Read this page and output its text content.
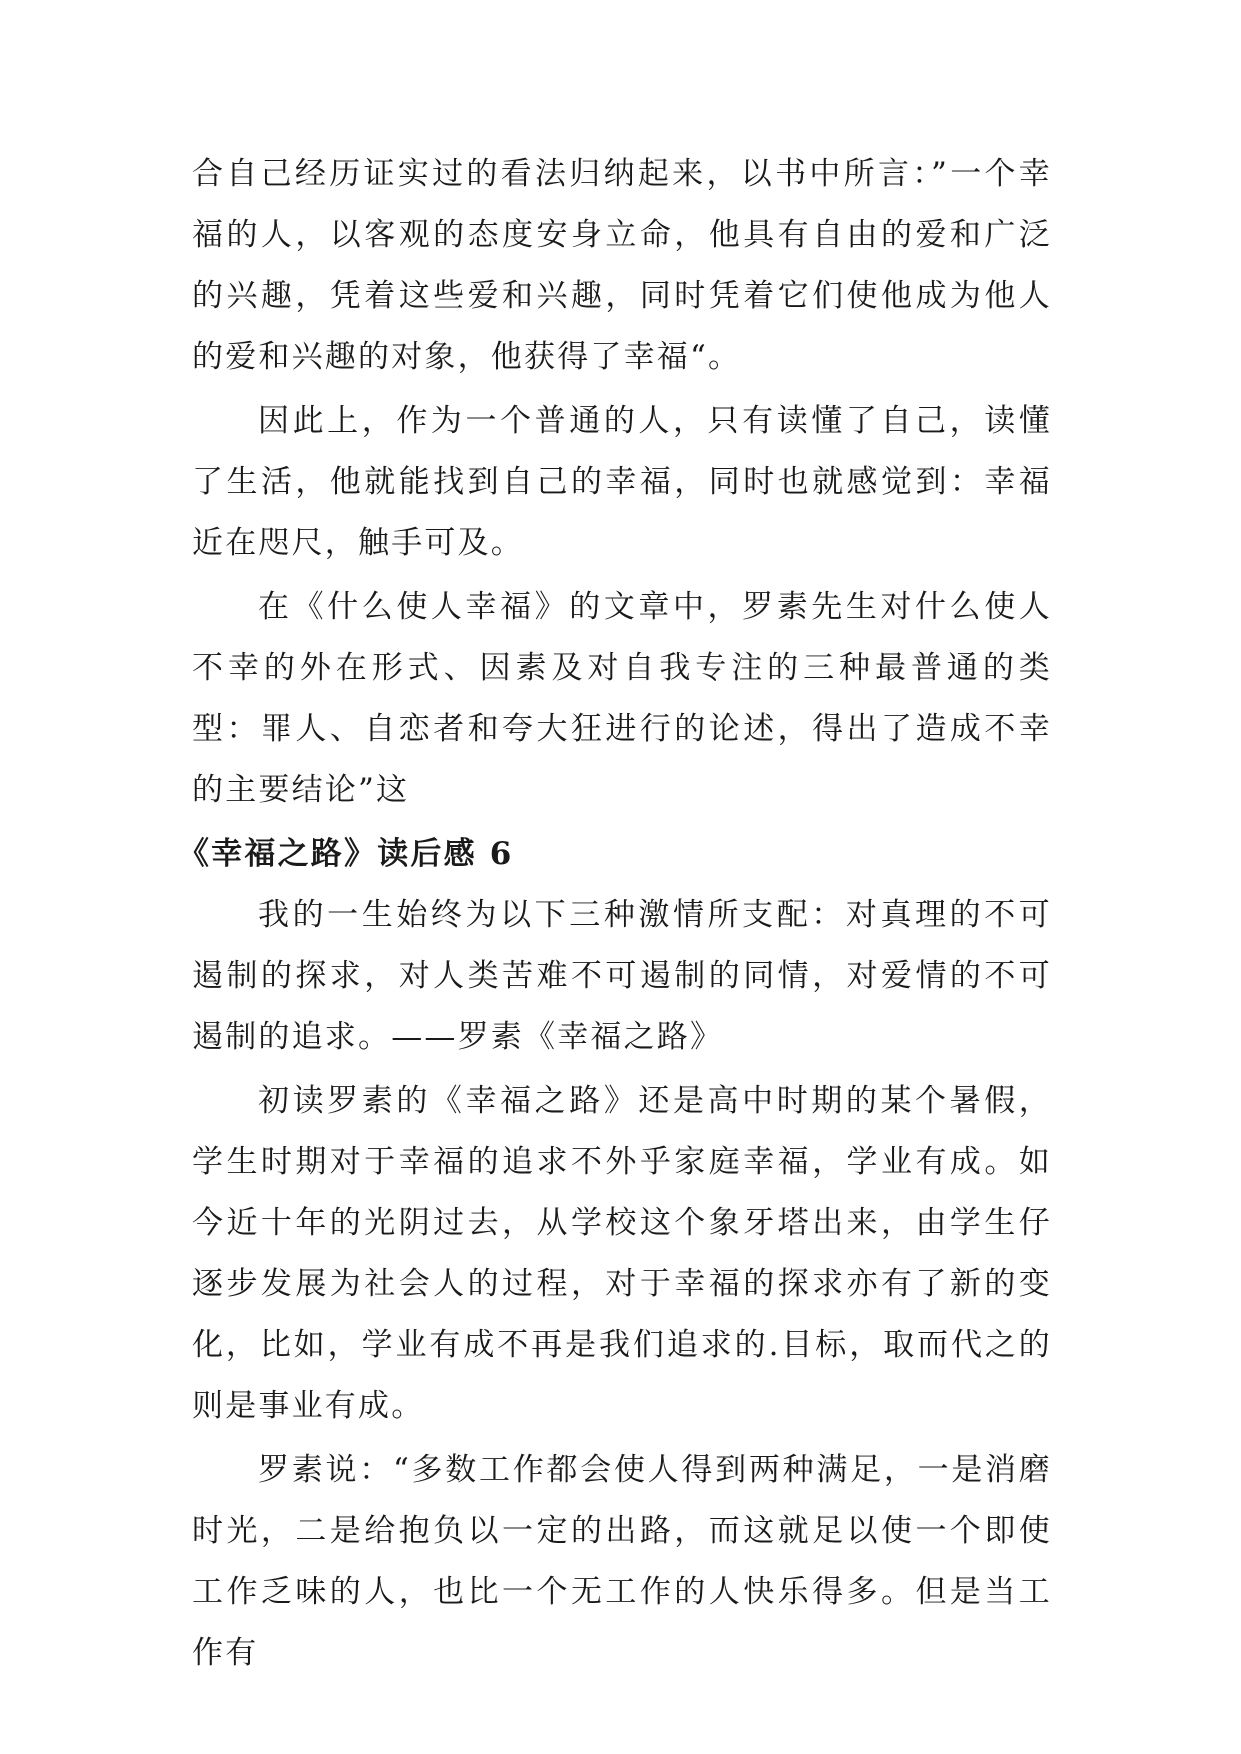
合自己经历证实过的看法归纳起来，以书中所言：”一个幸福的人，以客观的态度安身立命，他具有自由的爱和广泛的兴趣，凭着这些爱和兴趣，同时凭着它们使他成为他人的爱和兴趣的对象，他获得了幸福“。

因此上，作为一个普通的人，只有读懂了自己，读懂了生活，他就能找到自己的幸福，同时也就感觉到：幸福近在咫尺，触手可及。

在《什么使人幸福》的文章中，罗素先生对什么使人不幸的外在形式、因素及对自我专注的三种最普通的类型：罪人、自恋者和夸大狂进行的论述，得出了造成不幸的主要结论”这

《幸福之路》读后感 6

我的一生始终为以下三种激情所支配：对真理的不可遏制的探求，对人类苦难不可遏制的同情，对爱情的不可遏制的追求。——罗素《幸福之路》

初读罗素的《幸福之路》还是高中时期的某个暑假，学生时期对于幸福的追求不外乎家庭幸福，学业有成。如今近十年的光阴过去，从学校这个象牙塔出来，由学生仔逐步发展为社会人的过程，对于幸福的探求亦有了新的变化，比如，学业有成不再是我们追求的.目标，取而代之的则是事业有成。

罗素说：“多数工作都会使人得到两种满足，一是消磨时光，二是给抱负以一定的出路，而这就足以使一个即使工作乏味的人，也比一个无工作的人快乐得多。但是当工作有
